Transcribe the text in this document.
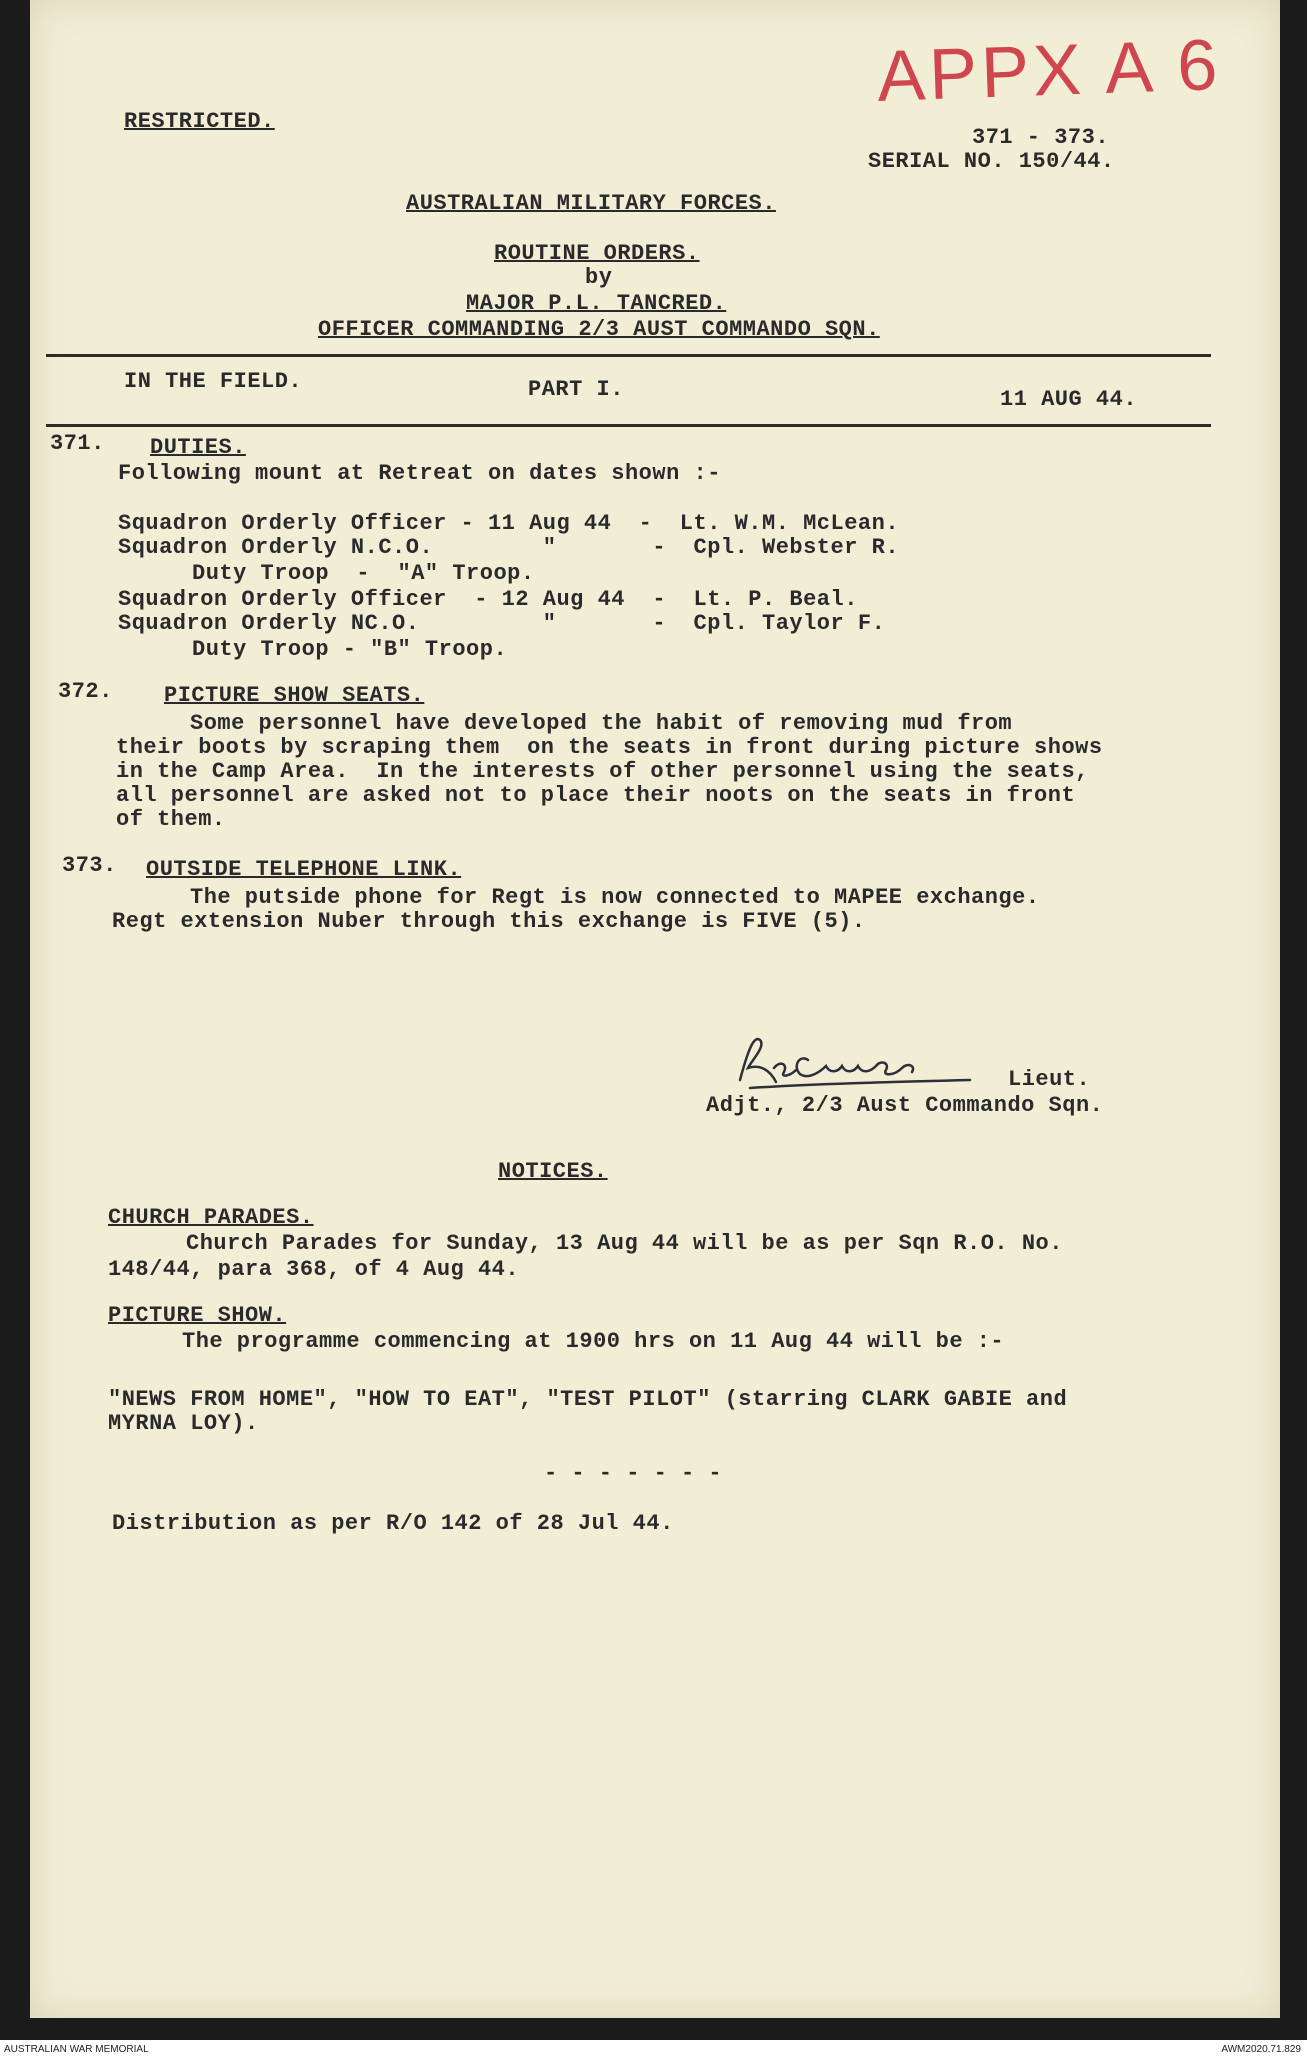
RESTRICTED.
APPX A 6
371 - 373.
SERIAL NO. 150/44.
AUSTRALIAN MILITARY FORCES.
ROUTINE ORDERS.
by
MAJOR P.L. TANCRED.
OFFICER COMMANDING 2/3 AUST COMMANDO SQN.
IN THE FIELD.	PART I.	11 AUG 44.
371. DUTIES.
Following mount at Retreat on dates shown :-
Squadron Orderly Officer - 11 Aug 44  -  Lt. W.M. McLean.
Squadron Orderly N.C.O.        "       -  Cpl. Webster R.
Duty Troop  -  "A" Troop.
Squadron Orderly Officer  - 12 Aug 44  -  Lt. P. Beal.
Squadron Orderly NC.O.         "       -  Cpl. Taylor F.
Duty Troop - "B" Troop.
372. PICTURE SHOW SEATS.
Some personnel have developed the habit of removing mud from
their boots by scraping them  on the seats in front during picture shows
in the Camp Area.  In the interests of other personnel using the seats,
all personnel are asked not to place their noots on the seats in front
of them.
373. OUTSIDE TELEPHONE LINK.
The putside phone for Regt is now connected to MAPEE exchange.
Regt extension Nuber through this exchange is FIVE (5).
Lieut.
Adjt., 2/3 Aust Commando Sqn.
NOTICES.
CHURCH PARADES.
Church Parades for Sunday, 13 Aug 44 will be as per Sqn R.O. No.
148/44, para 368, of 4 Aug 44.
PICTURE SHOW.
The programme commencing at 1900 hrs on 11 Aug 44 will be :-
"NEWS FROM HOME", "HOW TO EAT", "TEST PILOT" (starring CLARK GABIE and
MYRNA LOY).
- - - - - - -
Distribution as per R/O 142 of 28 Jul 44.
AUSTRALIAN WAR MEMORIAL	AWM2020.71.829
